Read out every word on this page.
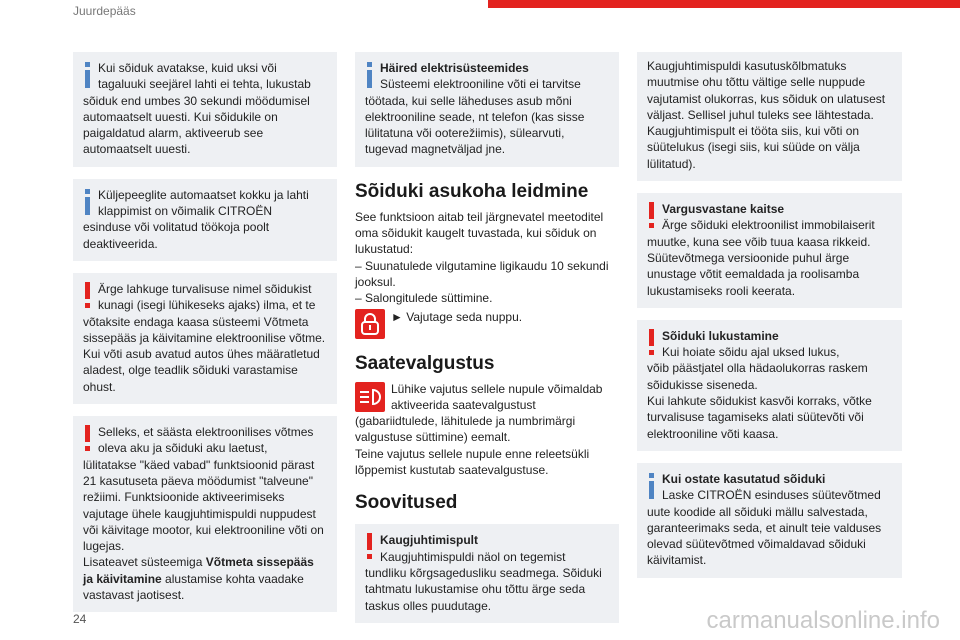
Juurdepääs
Kui sõiduk avatakse, kuid uksi või
tagaluuki seejärel lahti ei tehta, lukustab
sõiduk end umbes 30 sekundi möödumisel
automaatselt uuesti. Kui sõidukile on
paigaldatud alarm, aktiveerub see
automaatselt uuesti.
Küljepeeglite automaatset kokku ja lahti
klappimist on võimalik CITROËN
esinduse või volitatud töökoja poolt
deaktiveerida.
Ärge lahkuge turvalisuse nimel sõidukist
kunagi (isegi lühikeseks ajaks) ilma, et te
võtaksite endaga kaasa süsteemi Võtmeta
sissepääs ja käivitamine elektroonilise võtme.
Kui võti asub avatud autos ühes määratletud
aladest, olge teadlik sõiduki varastamise
ohust.
Selleks, et säästa elektroonilises võtmes
oleva aku ja sõiduki aku laetust,
lülitatakse "käed vabad" funktsioonid pärast
21 kasutuseta päeva möödumist "talveune"
režiimi. Funktsioonide aktiveerimiseks
vajutage ühele kaugjuhtimispuldi nuppudest
või käivitage mootor, kui elektrooniline võti on
lugejas.
Lisateavet süsteemiga Võtmeta sissepääs
ja käivitamine alustamise kohta vaadake
vastavast jaotisest.
Häired elektrisüsteemides
Süsteemi elektrooniline võti ei tarvitse
töötada, kui selle läheduses asub mõni
elektrooniline seade, nt telefon (kas sisse
lülitatuna või ooterežiimis), sülearvuti,
tugevad magnetväljad jne.
Sõiduki asukoha leidmine
See funktsioon aitab teil järgnevatel meetoditel
oma sõidukit kaugelt tuvastada, kui sõiduk on
lukustatud:
– Suunatulede vilgutamine ligikaudu 10 sekundi
jooksul.
– Salongitulede süttimine.
► Vajutage seda nuppu.
Saatevalgustus
Lühike vajutus sellele nupule võimaldab
aktiveerida saatevalgustust
(gabariidtulede, lähitulede ja numbrimärgi
valgustuse süttimine) eemalt.
Teine vajutus sellele nupule enne releetsükli
lõppemist kustutab saatevalgustuse.
Soovitused
Kaugjuhtimispult
Kaugjuhtimispuldi näol on tegemist
tundliku kõrgsagedusliku seadmega. Sõiduki
tahtmatu lukustamise ohu tõttu ärge seda
taskus olles puudutage.
Kaugjuhtimispuldi kasutuskõlbmatuks
muutmise ohu tõttu vältige selle nuppude
vajutamist olukorras, kus sõiduk on ulatusest
väljast. Sellisel juhul tuleks see lähtestada.
Kaugjuhtimispult ei tööta siis, kui võti on
süütelukus (isegi siis, kui süüde on välja
lülitatud).
Vargusvastane kaitse
Ärge sõiduki elektroonilist immobilaiserit
muutke, kuna see võib tuua kaasa rikkeid.
Süütevõtmega versioonide puhul ärge
unustage võtit eemaldada ja roolisamba
lukustamiseks rooli keerata.
Sõiduki lukustamine
Kui hoiate sõidu ajal uksed lukus,
võib päästjatel olla hädaolukorras raskem
sõidukisse siseneda.
Kui lahkute sõidukist kasvõi korraks, võtke
turvalisuse tagamiseks alati süütevõti või
elektrooniline võti kaasa.
Kui ostate kasutatud sõiduki
Laske CITROËN esinduses süütevõtmed
uute koodide all sõiduki mällu salvestada,
garanteerimaks seda, et ainult teie valduses
olevad süütevõtmed võimaldavad sõiduki
käivitamist.
24	carmanualsonline.info
